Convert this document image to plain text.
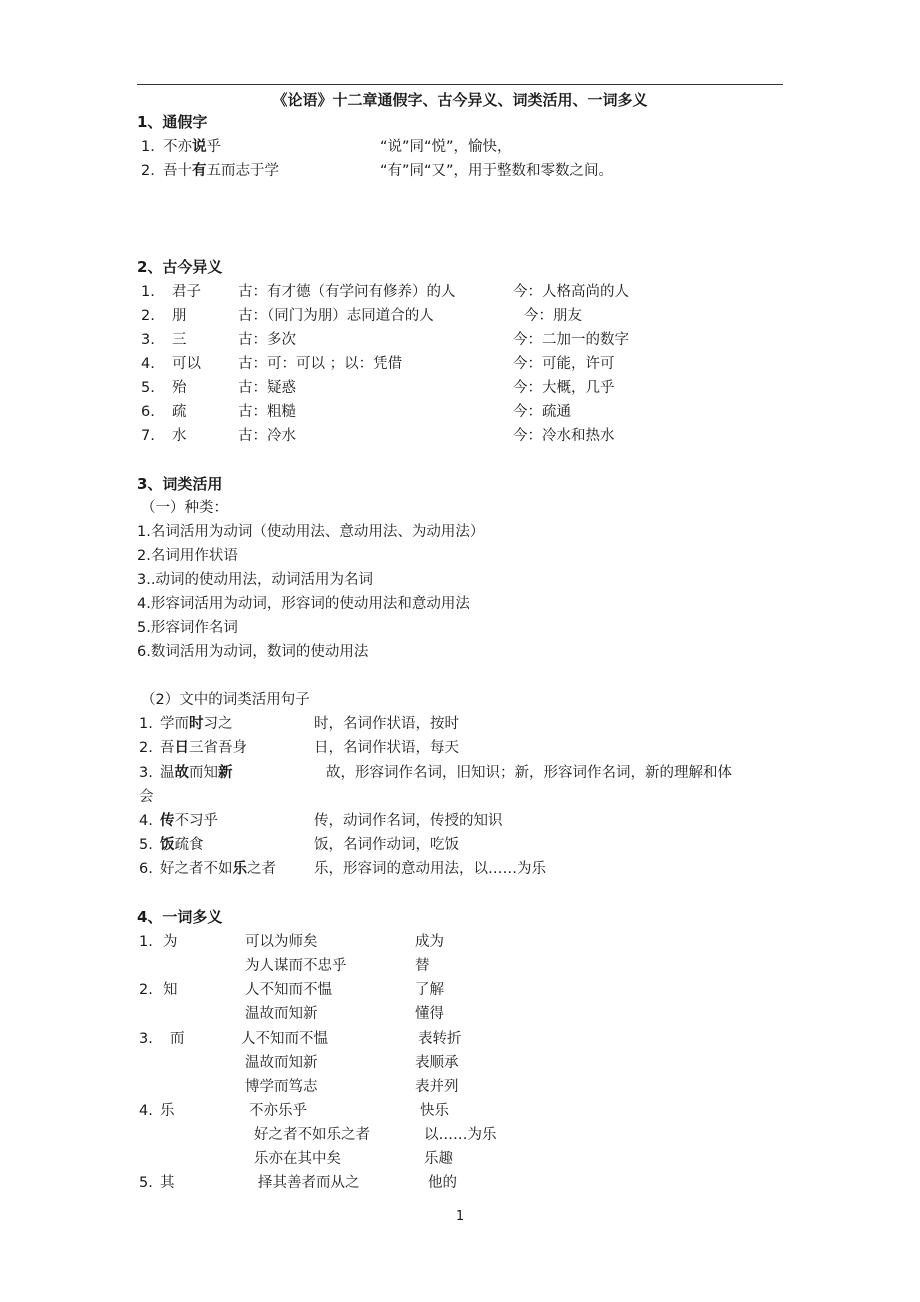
《论语》十二章通假字、古今异义、词类活用、一词多义
1、通假字
1. 不亦说乎	“说”同“悦”，愉快，
2. 吾十有五而志于学	“有”同“又”，用于整数和零数之间。
2、古今异义
1. 君子	古：有才德（有学问有修养）的人	今：人格高尚的人
2. 朋	古：（同门为朋）志同道合的人	今：朋友
3. 三	古：多次	今：二加一的数字
4. 可以	古：可：可以 ；以：凭借	今：可能，许可
5. 殆	古：疑惑	今：大概，几乎
6. 疏	古：粗糙	今：疏通
7. 水	古：冷水	今：冷水和热水
3、词类活用
（一）种类：
1.名词活用为动词（使动用法、意动用法、为动用法）
2.名词用作状语
3..动词的使动用法，动词活用为名词
4.形容词活用为动词，形容词的使动用法和意动用法
5.形容词作名词
6.数词活用为动词，数词的使动用法
（2）文中的词类活用句子
1. 学而时习之	时，名词作状语，按时
2. 吾日三省吾身	日，名词作状语，每天
3. 温故而知新	故，形容词作名词，旧知识；新，形容词作名词，新的理解和体
会
4. 传不习乎	传，动词作名词，传授的知识
5. 饭疏食	饭，名词作动词，吃饭
6. 好之者不如乐之者	乐，形容词的意动用法，以……为乐
4、一词多义
1. 为	可以为师矣	成为
为人谋而不忠乎	替
2. 知	人不知而不愠	了解
温故而知新	懂得
3. 而	人不知而不愠	表转折
温故而知新	表顺承
博学而笃志	表并列
4. 乐	不亦乐乎	快乐
好之者不如乐之者	以……为乐
乐亦在其中矣	乐趣
5. 其	择其善者而从之	他的
1
